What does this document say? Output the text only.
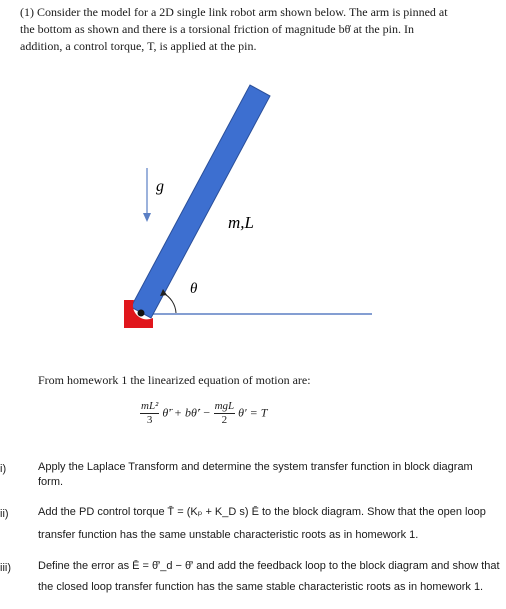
(1) Consider the model for a 2D single link robot arm shown below. The arm is pinned at
the bottom as shown and there is a torsional friction of magnitude bθ̇ at the pin. In
addition, a control torque, T, is applied at the pin.
g
m,L
θ
From homework 1 the linearized equation of motion are:
$\frac{\text{mL²}}{3}$ θ̈′ + bθ̇′ − $\frac{\text{mgL}}{2} \theta' = T$
i)	Apply the Laplace Transform and determine the system transfer function in block diagram
form.
ii)	Add the PD control torque T̄ = (Kₚ + K_D s) Ē to the block diagram. Show that the open loop
transfer function has the same unstable characteristic roots as in homework 1.
iii) Define the error as Ē = θ̄′_d − θ̄′ and add the feedback loop to the block diagram and show that
the closed loop transfer function has the same stable characteristic roots as in homework 1.
